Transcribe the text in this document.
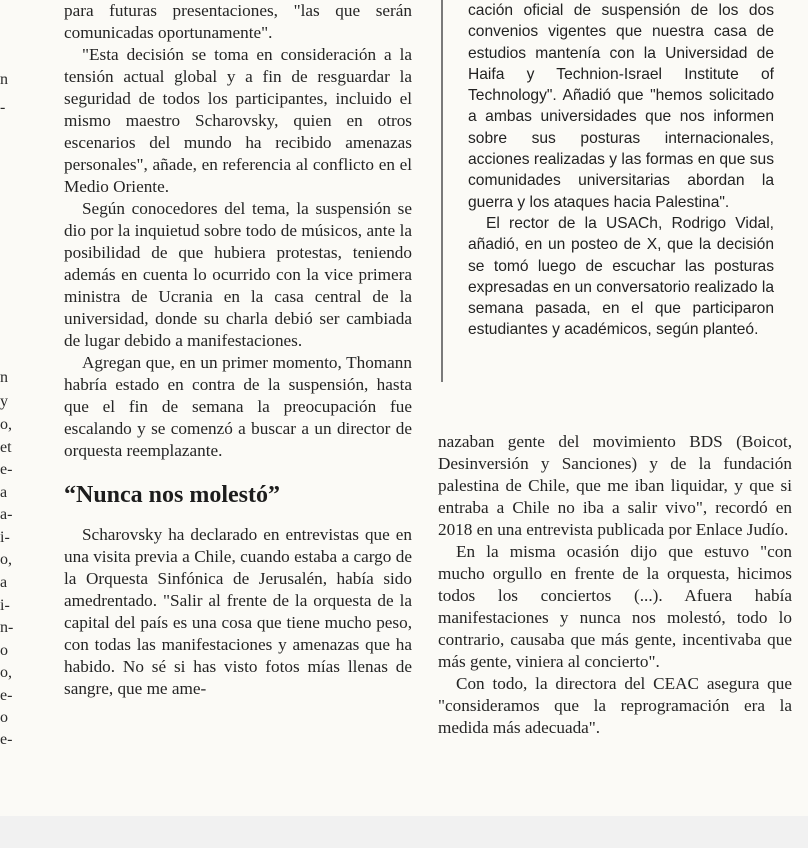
n
-
n
y
o,
et
e-
a
a-
i-
o,
a
i-
n-
o
o,
e-
o
e-

para futuras presentaciones, "las que serán comunicadas oportunamente".

"Esta decisión se toma en consideración a la tensión actual global y a fin de resguardar la seguridad de todos los participantes, incluido el mismo maestro Scharovsky, quien en otros escenarios del mundo ha recibido amenazas personales", añade, en referencia al conflicto en el Medio Oriente.

Según conocedores del tema, la suspensión se dio por la inquietud sobre todo de músicos, ante la posibilidad de que hubiera protestas, teniendo además en cuenta lo ocurrido con la vice primera ministra de Ucrania en la casa central de la universidad, donde su charla debió ser cambiada de lugar debido a manifestaciones.

Agregan que, en un primer momento, Thomann habría estado en contra de la suspensión, hasta que el fin de semana la preocupación fue escalando y se comenzó a buscar a un director de orquesta reemplazante.

“Nunca nos molestó”

Scharovsky ha declarado en entrevistas que en una visita previa a Chile, cuando estaba a cargo de la Orquesta Sinfónica de Jerusalén, había sido amedrentado. "Salir al frente de la orquesta de la capital del país es una cosa que tiene mucho peso, con todas las manifestaciones y amenazas que ha habido. No sé si has visto fotos mías llenas de sangre, que me ame-

cación oficial de suspensión de los dos convenios vigentes que nuestra casa de estudios mantenía con la Universidad de Haifa y Technion-Israel Institute of Technology". Añadió que "hemos solicitado a ambas universidades que nos informen sobre sus posturas internacionales, acciones realizadas y las formas en que sus comunidades universitarias abordan la guerra y los ataques hacia Palestina".

El rector de la USACh, Rodrigo Vidal, añadió, en un posteo de X, que la decisión se tomó luego de escuchar las posturas expresadas en un conversatorio realizado la semana pasada, en el que participaron estudiantes y académicos, según planteó.

nazaban gente del movimiento BDS (Boicot, Desinversión y Sanciones) y de la fundación palestina de Chile, que me iban liquidar, y que si entraba a Chile no iba a salir vivo", recordó en 2018 en una entrevista publicada por Enlace Judío.

En la misma ocasión dijo que estuvo "con mucho orgullo en frente de la orquesta, hicimos todos los conciertos (...). Afuera había manifestaciones y nunca nos molestó, todo lo contrario, causaba que más gente, incentivaba que más gente, viniera al concierto".

Con todo, la directora del CEAC asegura que "consideramos que la reprogramación era la medida más adecuada".
